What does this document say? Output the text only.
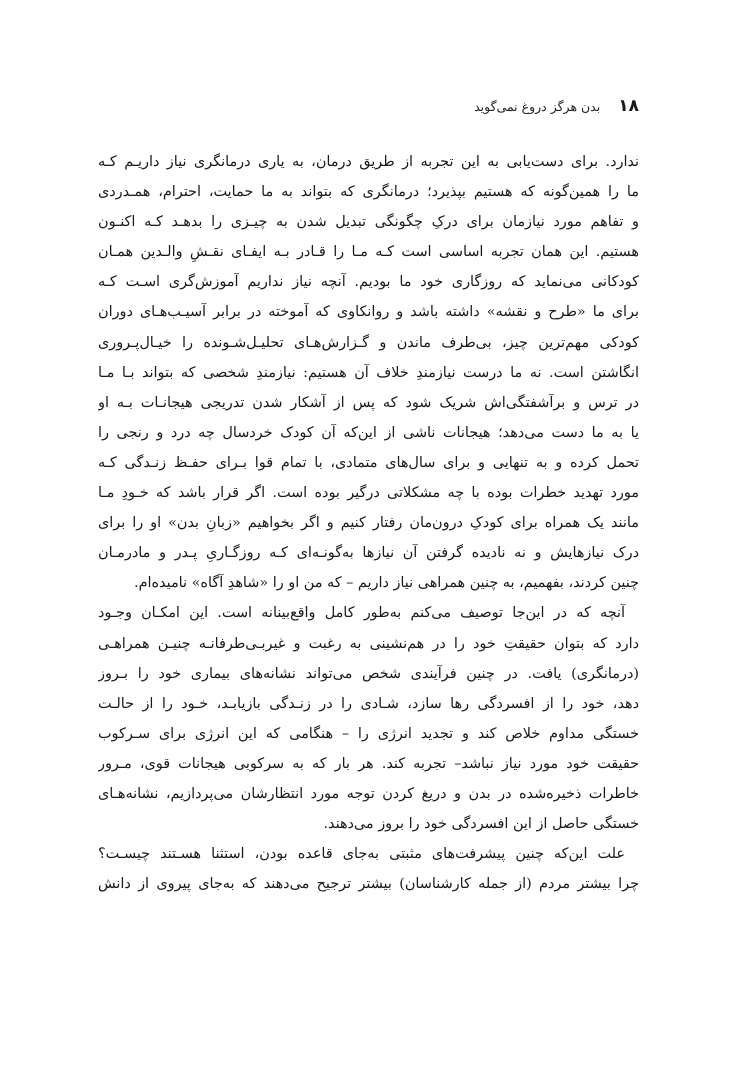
۱۸
بدن هرگز دروغ نمی‌گوید
ندارد. برای دست‌یابی به این تجربه از طریق درمان، به یاری درمانگری نیاز داریـم کـه
ما را همین‌گونه که هستیم بپذیرد؛ درمانگری که بتواند به ما حمایت، احترام، همـدردی
و تفاهم مورد نیازمان برای درکِ چگونگی تبدیل شدن به چیـزی را بدهـد کـه اکنـون
هستیم. این همان تجربه اساسی است کـه مـا را قـادر بـه ایفـای نقـشِ والـدین همـان
کودکانی می‌نماید که روزگاری خود ما بودیم. آنچه نیاز نداریم آموزش‌گری اسـت کـه
برای ما «طرح و نقشه» داشته باشد و روانکاوی که آموخته در برابر آسیـب‌هـای دوران
کودکی مهم‌ترین چیز، بی‌طرف ماندن و گـزارش‌هـای تحلیـل‌شـونده را خیـال‌پـروری
انگاشتن است. نه ما درست نیازمندِ خلاف آن هستیم: نیازمندِ شخصی که بتواند بـا مـا
در ترس و برآشفتگی‌اش شریک شود که پس از آشکار شدن تدریجی هیجانـات بـه او
یا به ما دست می‌دهد؛ هیجانات ناشی از این‌که آن کودک خردسال چه درد و رنجی را
تحمل کرده و به تنهایی و برای سال‌های متمادی، با تمام قوا بـرای حفـظ زنـدگی کـه
مورد تهدید خطرات بوده با چه مشکلاتی درگیر بوده است. اگر قرار باشد که خـودِ مـا
مانند یک همراه برای کودکِ درون‌مان رفتار کنیم و اگر بخواهیم «زبانِ بدن» او را برای
درک نیازهایش و نه نادیده گرفتن آن نیازها به‌گونـه‌ای کـه روزگـاریِ پـدر و مادرمـان
چنین کردند، بفهمیم، به چنین همراهی نیاز داریم – که من او را «شاهدِ آگاه» نامیده‌ام.
آنچه که در این‌جا توصیف می‌کنم به‌طور کامل واقع‌بینانه است. این امکـان وجـود
دارد که بتوان حقیقتِ خود را در هم‌نشینی به رغبت و غیربـی‌طرفانـه چنیـن همراهـی
(درمانگری) یافت. در چنین فرآیندی شخص می‌تواند نشانه‌های بیماری خود را بـروز
دهد، خود را از افسردگی رها سازد، شـادی را در زنـدگی بازیابـد، خـود را از حالـت
خستگی مداوم خلاص کند و تجدید انرژی را – هنگامی که این انرژی برای سـرکوب
حقیقت خود مورد نیاز نباشد– تجربه کند. هر بار که به سرکوبی هیجانات قوی، مـرور
خاطرات ذخیره‌شده در بدن و دریغ کردن توجه مورد انتظارشان می‌پردازیم، نشانه‌هـای
خستگی حاصل از این افسردگی خود را بروز می‌دهند.
علت این‌که چنین پیشرفت‌های مثبتی به‌جای قاعده بودن، استثنا هسـتند چیسـت؟
چرا بیشتر مردم (از جمله کارشناسان) بیشتر ترجیح می‌دهند که به‌جای پیروی از دانش
